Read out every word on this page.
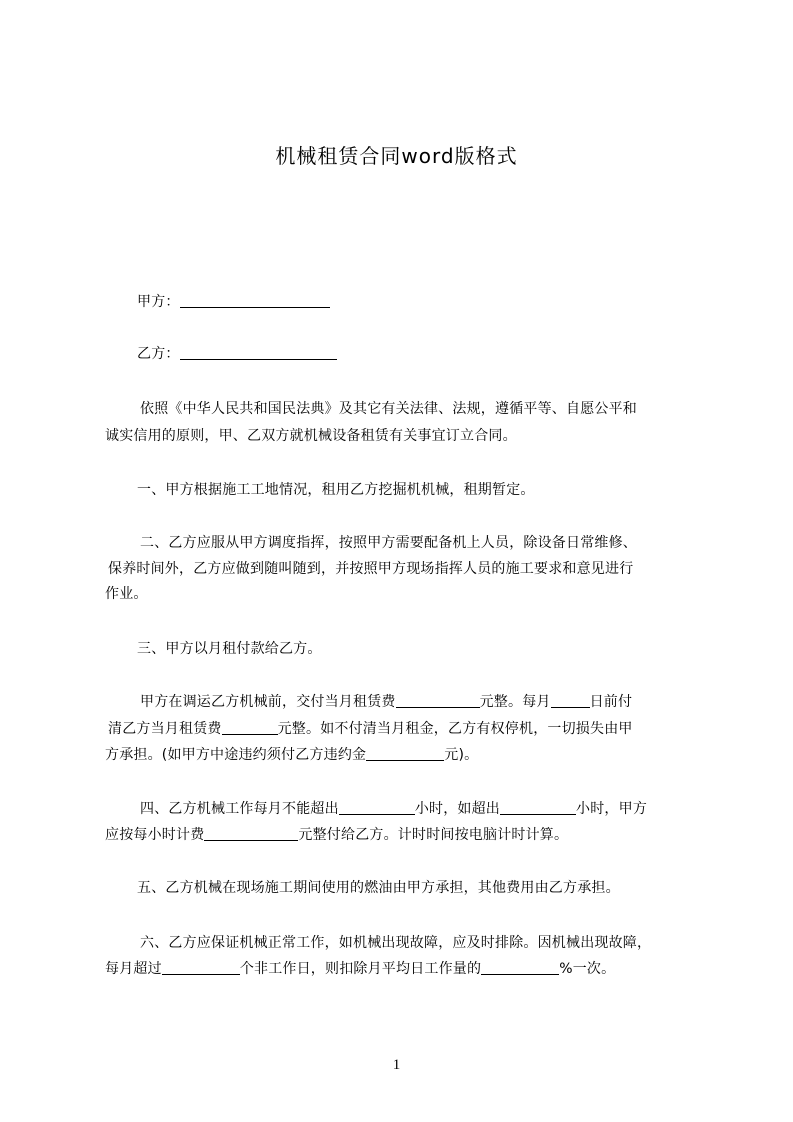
机械租赁合同word版格式
甲方：
乙方：
依照《中华人民共和国民法典》及其它有关法律、法规，遵循平等、自愿公平和
诚实信用的原则，甲、乙双方就机械设备租赁有关事宜订立合同。
一、甲方根据施工工地情况，租用乙方挖掘机机械，租期暂定。
二、乙方应服从甲方调度指挥，按照甲方需要配备机上人员，除设备日常维修、
保养时间外，乙方应做到随叫随到，并按照甲方现场指挥人员的施工要求和意见进行
作业。
三、甲方以月租付款给乙方。
甲方在调运乙方机械前，交付当月租赁费	元整。每月	日前付
清乙方当月租赁费	元整。如不付清当月租金，乙方有权停机，一切损失由甲
方承担。(如甲方中途违约须付乙方违约金	元)。
四、乙方机械工作每月不能超出	小时，如超出	小时，甲方
应按每小时计费	元整付给乙方。计时时间按电脑计时计算。
五、乙方机械在现场施工期间使用的燃油由甲方承担，其他费用由乙方承担。
六、乙方应保证机械正常工作，如机械出现故障，应及时排除。因机械出现故障，
每月超过	个非工作日，则扣除月平均日工作量的	%一次。
1
